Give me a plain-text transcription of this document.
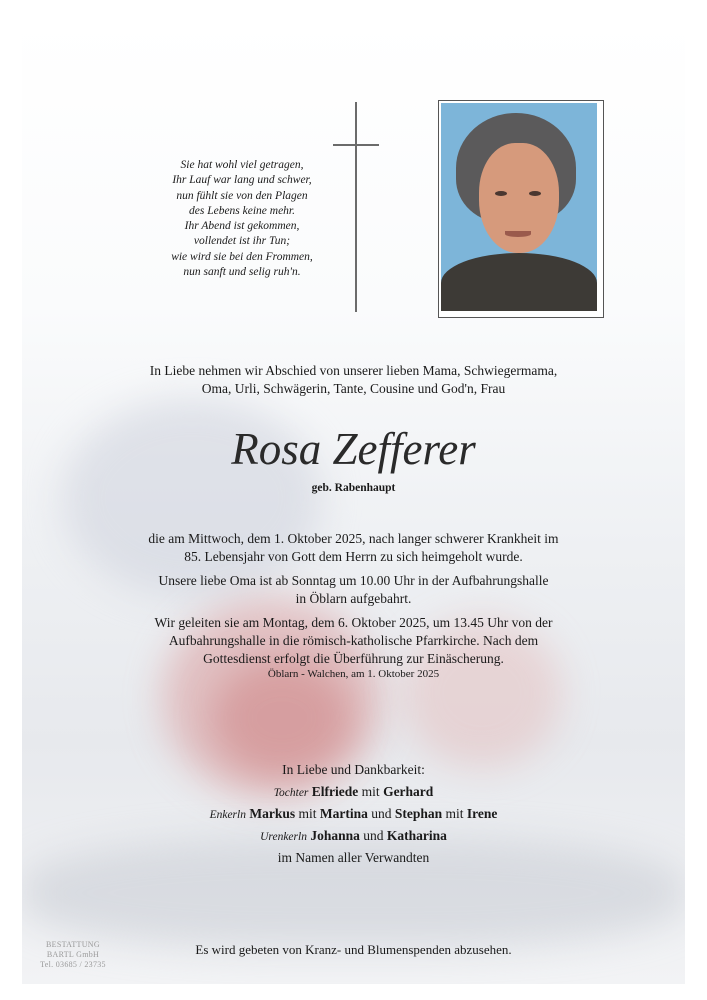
Sie hat wohl viel getragen,
Ihr Lauf war lang und schwer,
nun fühlt sie von den Plagen
des Lebens keine mehr.
Ihr Abend ist gekommen,
vollendet ist ihr Tun;
wie wird sie bei den Frommen,
nun sanft und selig ruh'n.
In Liebe nehmen wir Abschied von unserer lieben Mama, Schwiegermama,
Oma, Urli, Schwägerin, Tante, Cousine und God'n, Frau
Rosa Zefferer
geb. Rabenhaupt
die am Mittwoch, dem 1. Oktober 2025, nach langer schwerer Krankheit im
85. Lebensjahr von Gott dem Herrn zu sich heimgeholt wurde.
Unsere liebe Oma ist ab Sonntag um 10.00 Uhr in der Aufbahrungshalle
in Öblarn aufgebahrt.
Wir geleiten sie am Montag, dem 6. Oktober 2025, um 13.45 Uhr von der
Aufbahrungshalle in die römisch-katholische Pfarrkirche. Nach dem
Gottesdienst erfolgt die Überführung zur Einäscherung.
Öblarn - Walchen, am 1. Oktober 2025
In Liebe und Dankbarkeit:
Tochter Elfriede mit Gerhard
Enkerln Markus mit Martina und Stephan mit Irene
Urenkerln Johanna und Katharina
im Namen aller Verwandten
BESTATTUNG
BARTL GmbH
Tel. 03685 / 23735
Es wird gebeten von Kranz- und Blumenspenden abzusehen.
